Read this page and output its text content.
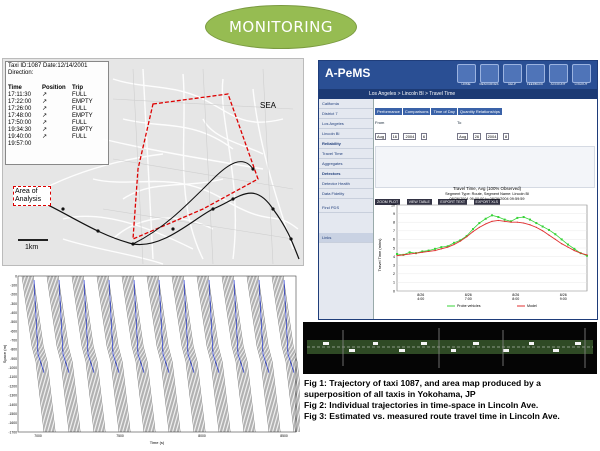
MONITORING
Taxi ID:1087 Date:12/14/2001
Direction:
Time	Position	Trip
17:11:30	↗	FULL
17:22:00	↗	EMPTY
17:26:00	↗	FULL
17:48:00	↗	EMPTY
17:50:00	↗	FULL
19:34:30	↗	EMPTY
19:40:00	↗	FULL
19:57:00
SEA
Area of Analysis
1km
A-PeMS
HOME	RESOURCES	HELP	FEEDBACK	ACCOUNT	LOGOUT
Los Angeles > Lincoln Bl > Travel Time
California
District 7
Los Angeles
Lincoln Bl
Reliability
Travel Time
Aggregates
Detectors
Detector Health
Data Fidelity
Find PDS
Links
Performance Comparisons Time of Day Quantity Relationships
From
Aug 16 2004 6
To
Aug 26 2004 8
ZOOM PLOT	VIEW TABLE	EXPORT TEXT	EXPORT XLS
Travel Time, Avg (100% Observed)
Segment Type: Route, Segment Name: Lincoln Bl
08/26/2004 06:00:00 to 08/26/2004 09:59:59
Travel Time (mins)
0
1
2
3
4
5
6
7
8
9
10
8/26
4:00
8/26
7:00
8/26
8:00
8/26
9:00
Probe vehicles	Model
Space (m)
Time (s)
0
-100
-200
-300
-400
-500
-600
-700
-800
-900
-1000
-1100
-1200
-1300
-1400
-1500
-1600
-1700
7000	7500	8000	8500
Fig 1: Trajectory of taxi 1087, and area map produced by a superposition of all taxis in Yokohama, JP
Fig 2: Individual trajectories in time-space in Lincoln Ave.
Fig 3: Estimated vs. measured route travel time in Lincoln Ave.
